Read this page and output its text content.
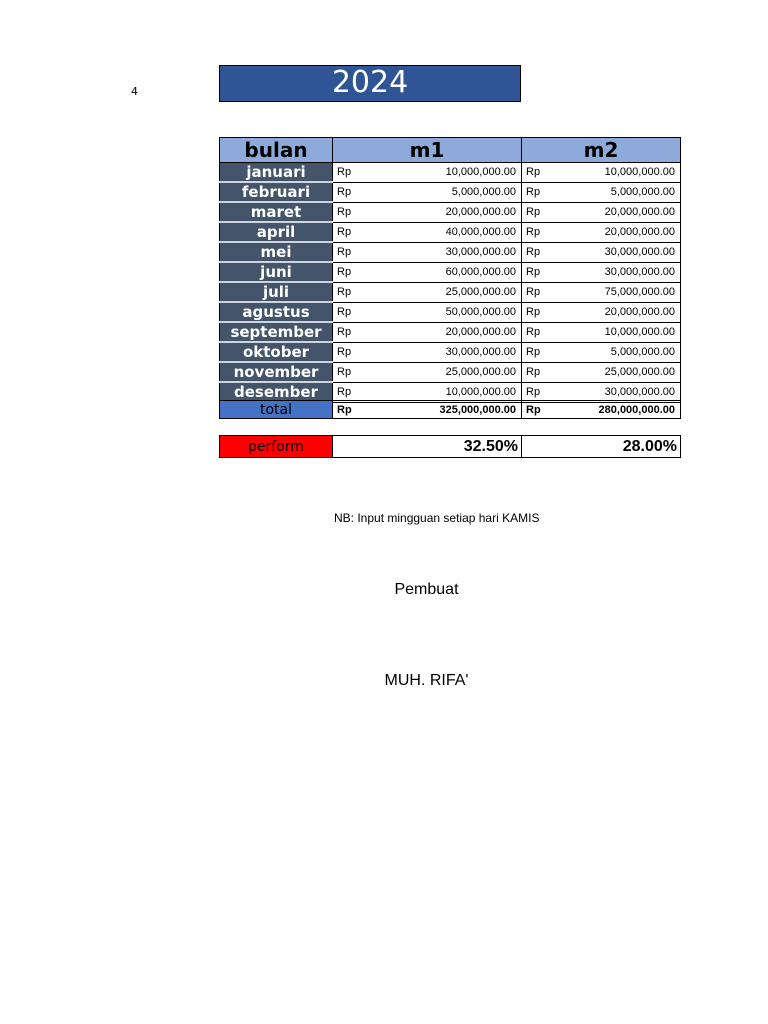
4	2024
bulan	m1	m2
januari	Rp 10,000,000.00	Rp 10,000,000.00

februari	Rp 5,000,000.00	Rp 5,000,000.00

maret	Rp 20,000,000.00	Rp 20,000,000.00

april	Rp 40,000,000.00	Rp 20,000,000.00

mei	Rp 30,000,000.00	Rp 30,000,000.00

juni	Rp 60,000,000.00	Rp 30,000,000.00

juli	Rp 25,000,000.00	Rp 75,000,000.00

agustus	Rp 50,000,000.00	Rp 20,000,000.00

september	Rp 20,000,000.00	Rp 10,000,000.00

oktober	Rp 30,000,000.00	Rp 5,000,000.00

november	Rp 25,000,000.00	Rp 25,000,000.00

desember	Rp 10,000,000.00	Rp 30,000,000.00
total	Rp	325,000,000.00	Rp	280,000,000.00
perform	32.50%	28.00%
NB: Input mingguan setiap hari KAMIS
Pembuat
MUH. RIFA'
